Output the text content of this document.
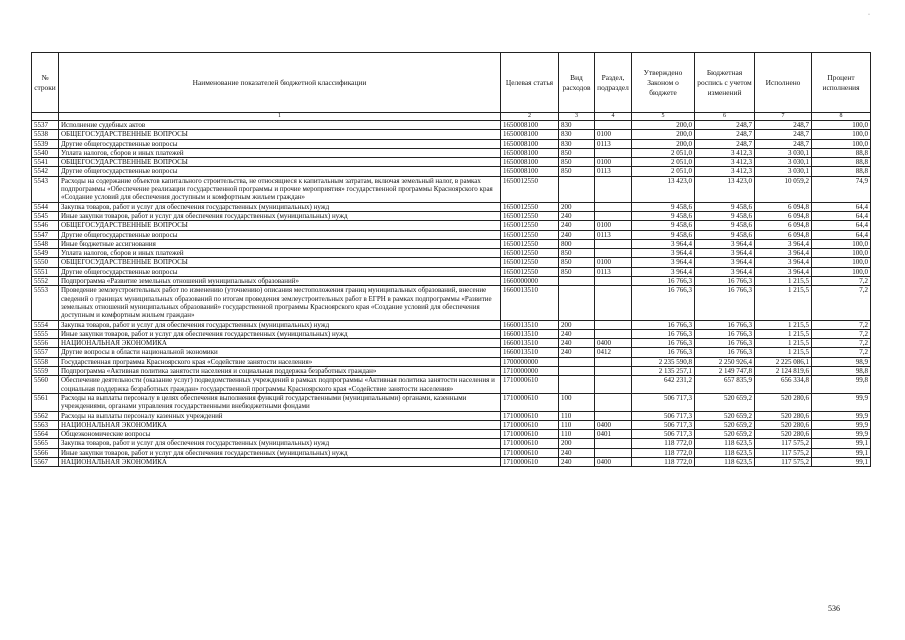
·
№ строки	Наименование показателей бюджетной классификации	Целевая статья	Вид расходов	Раздел, подраздел	Утверждено Законом о бюджете	Бюджетная роспись с учетом изменений	Исполнено	Процент исполнения
	1	2	3	4	5	6	7	8
5537	Исполнение судебных актов	1650008100	830		200,0	248,7	248,7	100,0
5538	ОБЩЕГОСУДАРСТВЕННЫЕ ВОПРОСЫ	1650008100	830	0100	200,0	248,7	248,7	100,0
5539	Другие общегосударственные вопросы	1650008100	830	0113	200,0	248,7	248,7	100,0
5540	Уплата налогов, сборов и иных платежей	1650008100	850		2 051,0	3 412,3	3 030,1	88,8
5541	ОБЩЕГОСУДАРСТВЕННЫЕ ВОПРОСЫ	1650008100	850	0100	2 051,0	3 412,3	3 030,1	88,8
5542	Другие общегосударственные вопросы	1650008100	850	0113	2 051,0	3 412,3	3 030,1	88,8
5543	Расходы на содержание объектов капитального строительства, не относящиеся к капитальным затратам, включая земельный налог, в рамках подпрограммы «Обеспечение реализации государственной программы и прочие мероприятия» государственной программы Красноярского края «Создание условий для обеспечения доступным и комфортным жильем граждан»	1650012550			13 423,0	13 423,0	10 059,2	74,9
5544	Закупка товаров, работ и услуг для обеспечения государственных (муниципальных) нужд	1650012550	200		9 458,6	9 458,6	6 094,8	64,4
5545	Иные закупки товаров, работ и услуг для обеспечения государственных (муниципальных) нужд	1650012550	240		9 458,6	9 458,6	6 094,8	64,4
5546	ОБЩЕГОСУДАРСТВЕННЫЕ ВОПРОСЫ	1650012550	240	0100	9 458,6	9 458,6	6 094,8	64,4
5547	Другие общегосударственные вопросы	1650012550	240	0113	9 458,6	9 458,6	6 094,8	64,4
5548	Иные бюджетные ассигнования	1650012550	800		3 964,4	3 964,4	3 964,4	100,0
5549	Уплата налогов, сборов и иных платежей	1650012550	850		3 964,4	3 964,4	3 964,4	100,0
5550	ОБЩЕГОСУДАРСТВЕННЫЕ ВОПРОСЫ	1650012550	850	0100	3 964,4	3 964,4	3 964,4	100,0
5551	Другие общегосударственные вопросы	1650012550	850	0113	3 964,4	3 964,4	3 964,4	100,0
5552	Подпрограмма «Развитие земельных отношений муниципальных образований»	1660000000			16 766,3	16 766,3	1 215,5	7,2
5553	Проведение землеустроительных работ по изменению (уточнению) описания местоположения границ муниципальных образований, внесение сведений о границах муниципальных образований по итогам проведения землеустроительных работ в ЕГРН в рамках подпрограммы «Развитие земельных отношений муниципальных образований» государственной программы Красноярского края «Создание условий для обеспечения доступным и комфортным жильем граждан»	1660013510			16 766,3	16 766,3	1 215,5	7,2
5554	Закупка товаров, работ и услуг для обеспечения государственных (муниципальных) нужд	1660013510	200		16 766,3	16 766,3	1 215,5	7,2
5555	Иные закупки товаров, работ и услуг для обеспечения государственных (муниципальных) нужд	1660013510	240		16 766,3	16 766,3	1 215,5	7,2
5556	НАЦИОНАЛЬНАЯ ЭКОНОМИКА	1660013510	240	0400	16 766,3	16 766,3	1 215,5	7,2
5557	Другие вопросы в области национальной экономики	1660013510	240	0412	16 766,3	16 766,3	1 215,5	7,2
5558	Государственная программа Красноярского края «Содействие занятости населения»	1700000000			2 235 590,8	2 250 926,4	2 225 086,1	98,9
5559	Подпрограмма «Активная политика занятости населения и социальная поддержка безработных граждан»	1710000000			2 135 257,1	2 149 747,8	2 124 819,6	98,8
5560	Обеспечение деятельности (оказание услуг) подведомственных учреждений в рамках подпрограммы «Активная политика занятости населения и социальная поддержка безработных граждан» государственной программы Красноярского края «Содействие занятости населения»	1710000610			642 231,2	657 835,9	656 334,8	99,8
5561	Расходы на выплаты персоналу в целях обеспечения выполнения функций государственными (муниципальными) органами, казенными учреждениями, органами управления государственными внебюджетными фондами	1710000610	100		506 717,3	520 659,2	520 280,6	99,9
5562	Расходы на выплаты персоналу казенных учреждений	1710000610	110		506 717,3	520 659,2	520 280,6	99,9
5563	НАЦИОНАЛЬНАЯ ЭКОНОМИКА	1710000610	110	0400	506 717,3	520 659,2	520 280,6	99,9
5564	Общеэкономические вопросы	1710000610	110	0401	506 717,3	520 659,2	520 280,6	99,9
5565	Закупка товаров, работ и услуг для обеспечения государственных (муниципальных) нужд	1710000610	200		118 772,0	118 623,5	117 575,2	99,1
5566	Иные закупки товаров, работ и услуг для обеспечения государственных (муниципальных) нужд	1710000610	240		118 772,0	118 623,5	117 575,2	99,1
5567	НАЦИОНАЛЬНАЯ ЭКОНОМИКА	1710000610	240	0400	118 772,0	118 623,5	117 575,2	99,1
536
